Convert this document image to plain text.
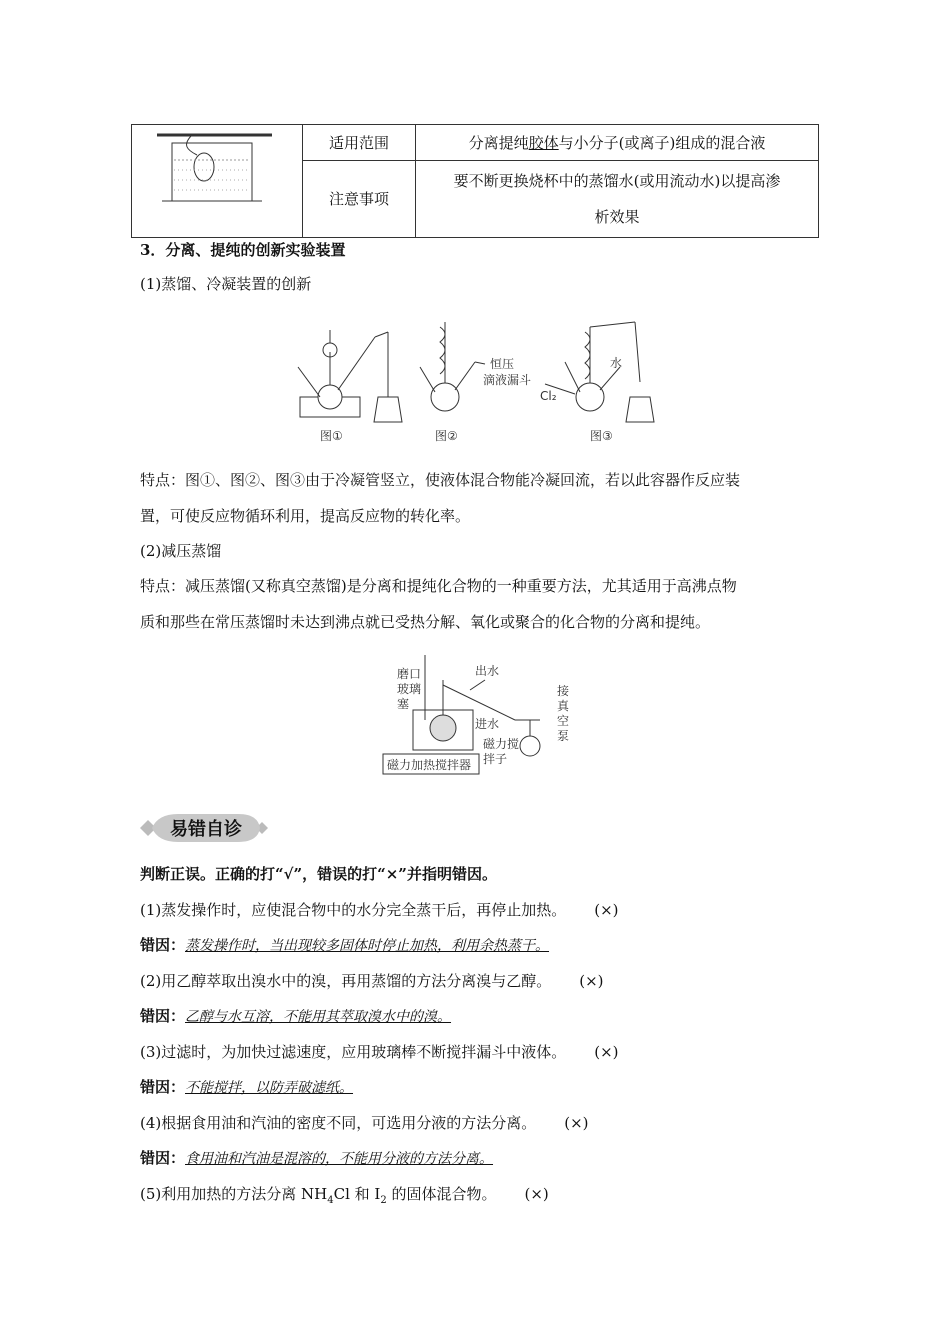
	适用范围	分离提纯胶体与小分子(或离子)组成的混合液
	注意事项	要不断更换烧杯中的蒸馏水(或用流动水)以提高渗
析效果
3．分离、提纯的创新实验装置
(1)蒸馏、冷凝装置的创新
图①	图②	图③
恒压
滴液漏斗
水
Cl₂
特点：图①、图②、图③由于冷凝管竖立，使液体混合物能冷凝回流，若以此容器作反应装
置，可使反应物循环利用，提高反应物的转化率。
(2)减压蒸馏
特点：减压蒸馏(又称真空蒸馏)是分离和提纯化合物的一种重要方法，尤其适用于高沸点物
质和那些在常压蒸馏时未达到沸点就已受热分解、氧化或聚合的化合物的分离和提纯。
磨口
玻璃
塞
出水
进水
接
真
空
泵
磁力搅
拌子
磁力加热搅拌器
易错自诊
判断正误。正确的打“√”，错误的打“×”并指明错因。
(1)蒸发操作时，应使混合物中的水分完全蒸干后，再停止加热。 (×)
错因：蒸发操作时，当出现较多固体时停止加热，利用余热蒸干。
(2)用乙醇萃取出溴水中的溴，再用蒸馏的方法分离溴与乙醇。 (×)
错因：乙醇与水互溶，不能用其萃取溴水中的溴。
(3)过滤时，为加快过滤速度，应用玻璃棒不断搅拌漏斗中液体。 (×)
错因：不能搅拌，以防弄破滤纸。
(4)根据食用油和汽油的密度不同，可选用分液的方法分离。 (×)
错因：食用油和汽油是混溶的，不能用分液的方法分离。
(5)利用加热的方法分离 $NH_4Cl$ 和 $I_2$ 的固体混合物。 (×)
